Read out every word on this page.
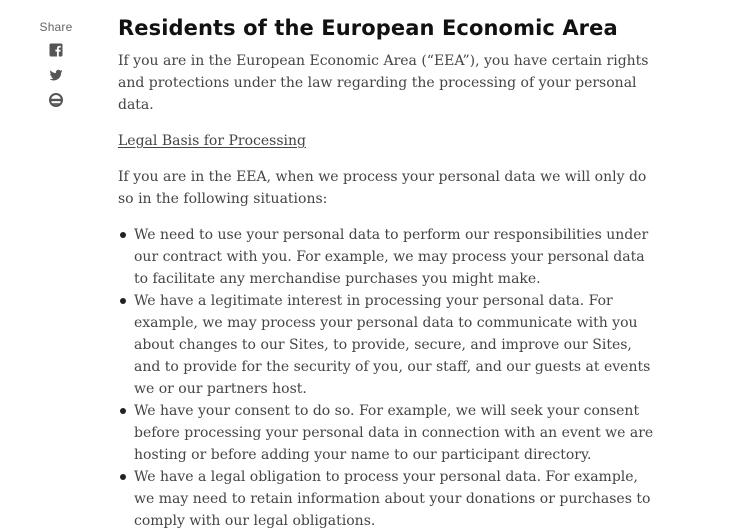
Share Residents of the European Economic Area

If you are in the European Economic Area (“EEA”), you have certain rights and protections under the law regarding the processing of your personal data.

Legal Basis for Processing

If you are in the EEA, when we process your personal data we will only do so in the following situations:

We need to use your personal data to perform our responsibilities under our contract with you. For example, we may process your personal data to facilitate any merchandise purchases you might make.
We have a legitimate interest in processing your personal data. For example, we may process your personal data to communicate with you about changes to our Sites, to provide, secure, and improve our Sites, and to provide for the security of you, our staff, and our guests at events we or our partners host.
We have your consent to do so. For example, we will seek your consent before processing your personal data in connection with an event we are hosting or before adding your name to our participant directory.
We have a legal obligation to process your personal data. For example, we may need to retain information about your donations or purchases to comply with our legal obligations.
